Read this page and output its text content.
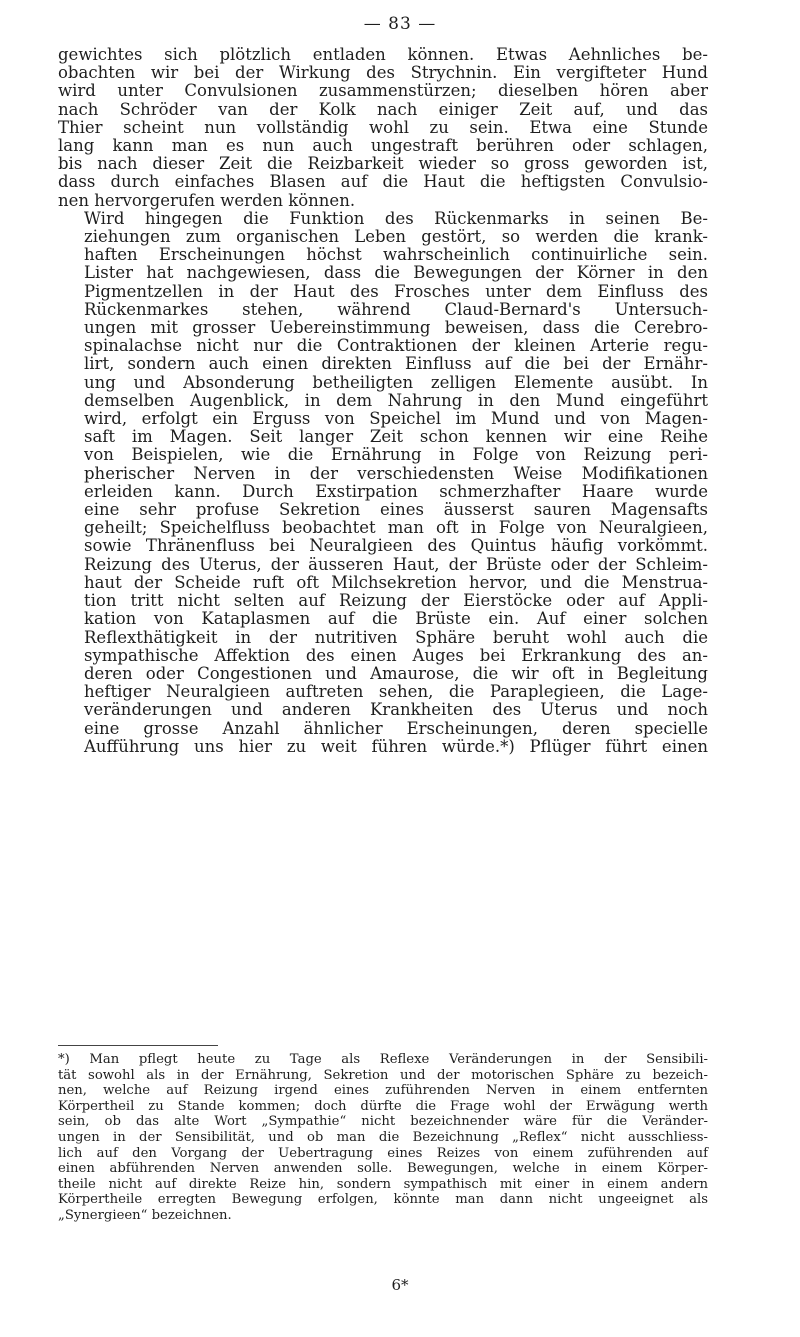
— 83 —

gewichtes sich plötzlich entladen können. Etwas Aehnliches be-
obachten wir bei der Wirkung des Strychnin. Ein vergifteter Hund
wird unter Convulsionen zusammenstürzen; dieselben hören aber
nach Schröder van der Kolk nach einiger Zeit auf, und das
Thier scheint nun vollständig wohl zu sein. Etwa eine Stunde
lang kann man es nun auch ungestraft berühren oder schlagen,
bis nach dieser Zeit die Reizbarkeit wieder so gross geworden ist,
dass durch einfaches Blasen auf die Haut die heftigsten Convulsio-
nen hervorgerufen werden können.

Wird hingegen die Funktion des Rückenmarks in seinen Be-
ziehungen zum organischen Leben gestört, so werden die krank-
haften Erscheinungen höchst wahrscheinlich continuirliche sein.
Lister hat nachgewiesen, dass die Bewegungen der Körner in den
Pigmentzellen in der Haut des Frosches unter dem Einfluss des
Rückenmarkes stehen, während Claud-Bernard's Untersuch-
ungen mit grosser Uebereinstimmung beweisen, dass die Cerebro-
spinalachse nicht nur die Contraktionen der kleinen Arterie regu-
lirt, sondern auch einen direkten Einfluss auf die bei der Ernähr-
ung und Absonderung betheiligten zelligen Elemente ausübt. In
demselben Augenblick, in dem Nahrung in den Mund eingeführt
wird, erfolgt ein Erguss von Speichel im Mund und von Magen-
saft im Magen. Seit langer Zeit schon kennen wir eine Reihe
von Beispielen, wie die Ernährung in Folge von Reizung peri-
pherischer Nerven in der verschiedensten Weise Modifikationen
erleiden kann. Durch Exstirpation schmerzhafter Haare wurde
eine sehr profuse Sekretion eines äusserst sauren Magensafts
geheilt; Speichelfluss beobachtet man oft in Folge von Neuralgieen,
sowie Thränenfluss bei Neuralgieen des Quintus häufig vorkömmt.
Reizung des Uterus, der äusseren Haut, der Brüste oder der Schleim-
haut der Scheide ruft oft Milchsekretion hervor, und die Menstrua-
tion tritt nicht selten auf Reizung der Eierstöcke oder auf Appli-
kation von Kataplasmen auf die Brüste ein. Auf einer solchen
Reflexthätigkeit in der nutritiven Sphäre beruht wohl auch die
sympathische Affektion des einen Auges bei Erkrankung des an-
deren oder Congestionen und Amaurose, die wir oft in Begleitung
heftiger Neuralgieen auftreten sehen, die Paraplegieen, die Lage-
veränderungen und anderen Krankheiten des Uterus und noch
eine grosse Anzahl ähnlicher Erscheinungen, deren specielle
Aufführung uns hier zu weit führen würde.*) Pflüger führt einen

*) Man pflegt heute zu Tage als Reflexe Veränderungen in der Sensibili-
tät sowohl als in der Ernährung, Sekretion und der motorischen Sphäre zu bezeich-
nen, welche auf Reizung irgend eines zuführenden Nerven in einem entfernten
Körpertheil zu Stande kommen; doch dürfte die Frage wohl der Erwägung werth
sein, ob das alte Wort „Sympathie“ nicht bezeichnender wäre für die Veränder-
ungen in der Sensibilität, und ob man die Bezeichnung „Reflex“ nicht ausschliess-
lich auf den Vorgang der Uebertragung eines Reizes von einem zuführenden auf
einen abführenden Nerven anwenden solle. Bewegungen, welche in einem Körper-
theile nicht auf direkte Reize hin, sondern sympathisch mit einer in einem andern
Körpertheile erregten Bewegung erfolgen, könnte man dann nicht ungeeignet als
„Synergieen“ bezeichnen.
6*
